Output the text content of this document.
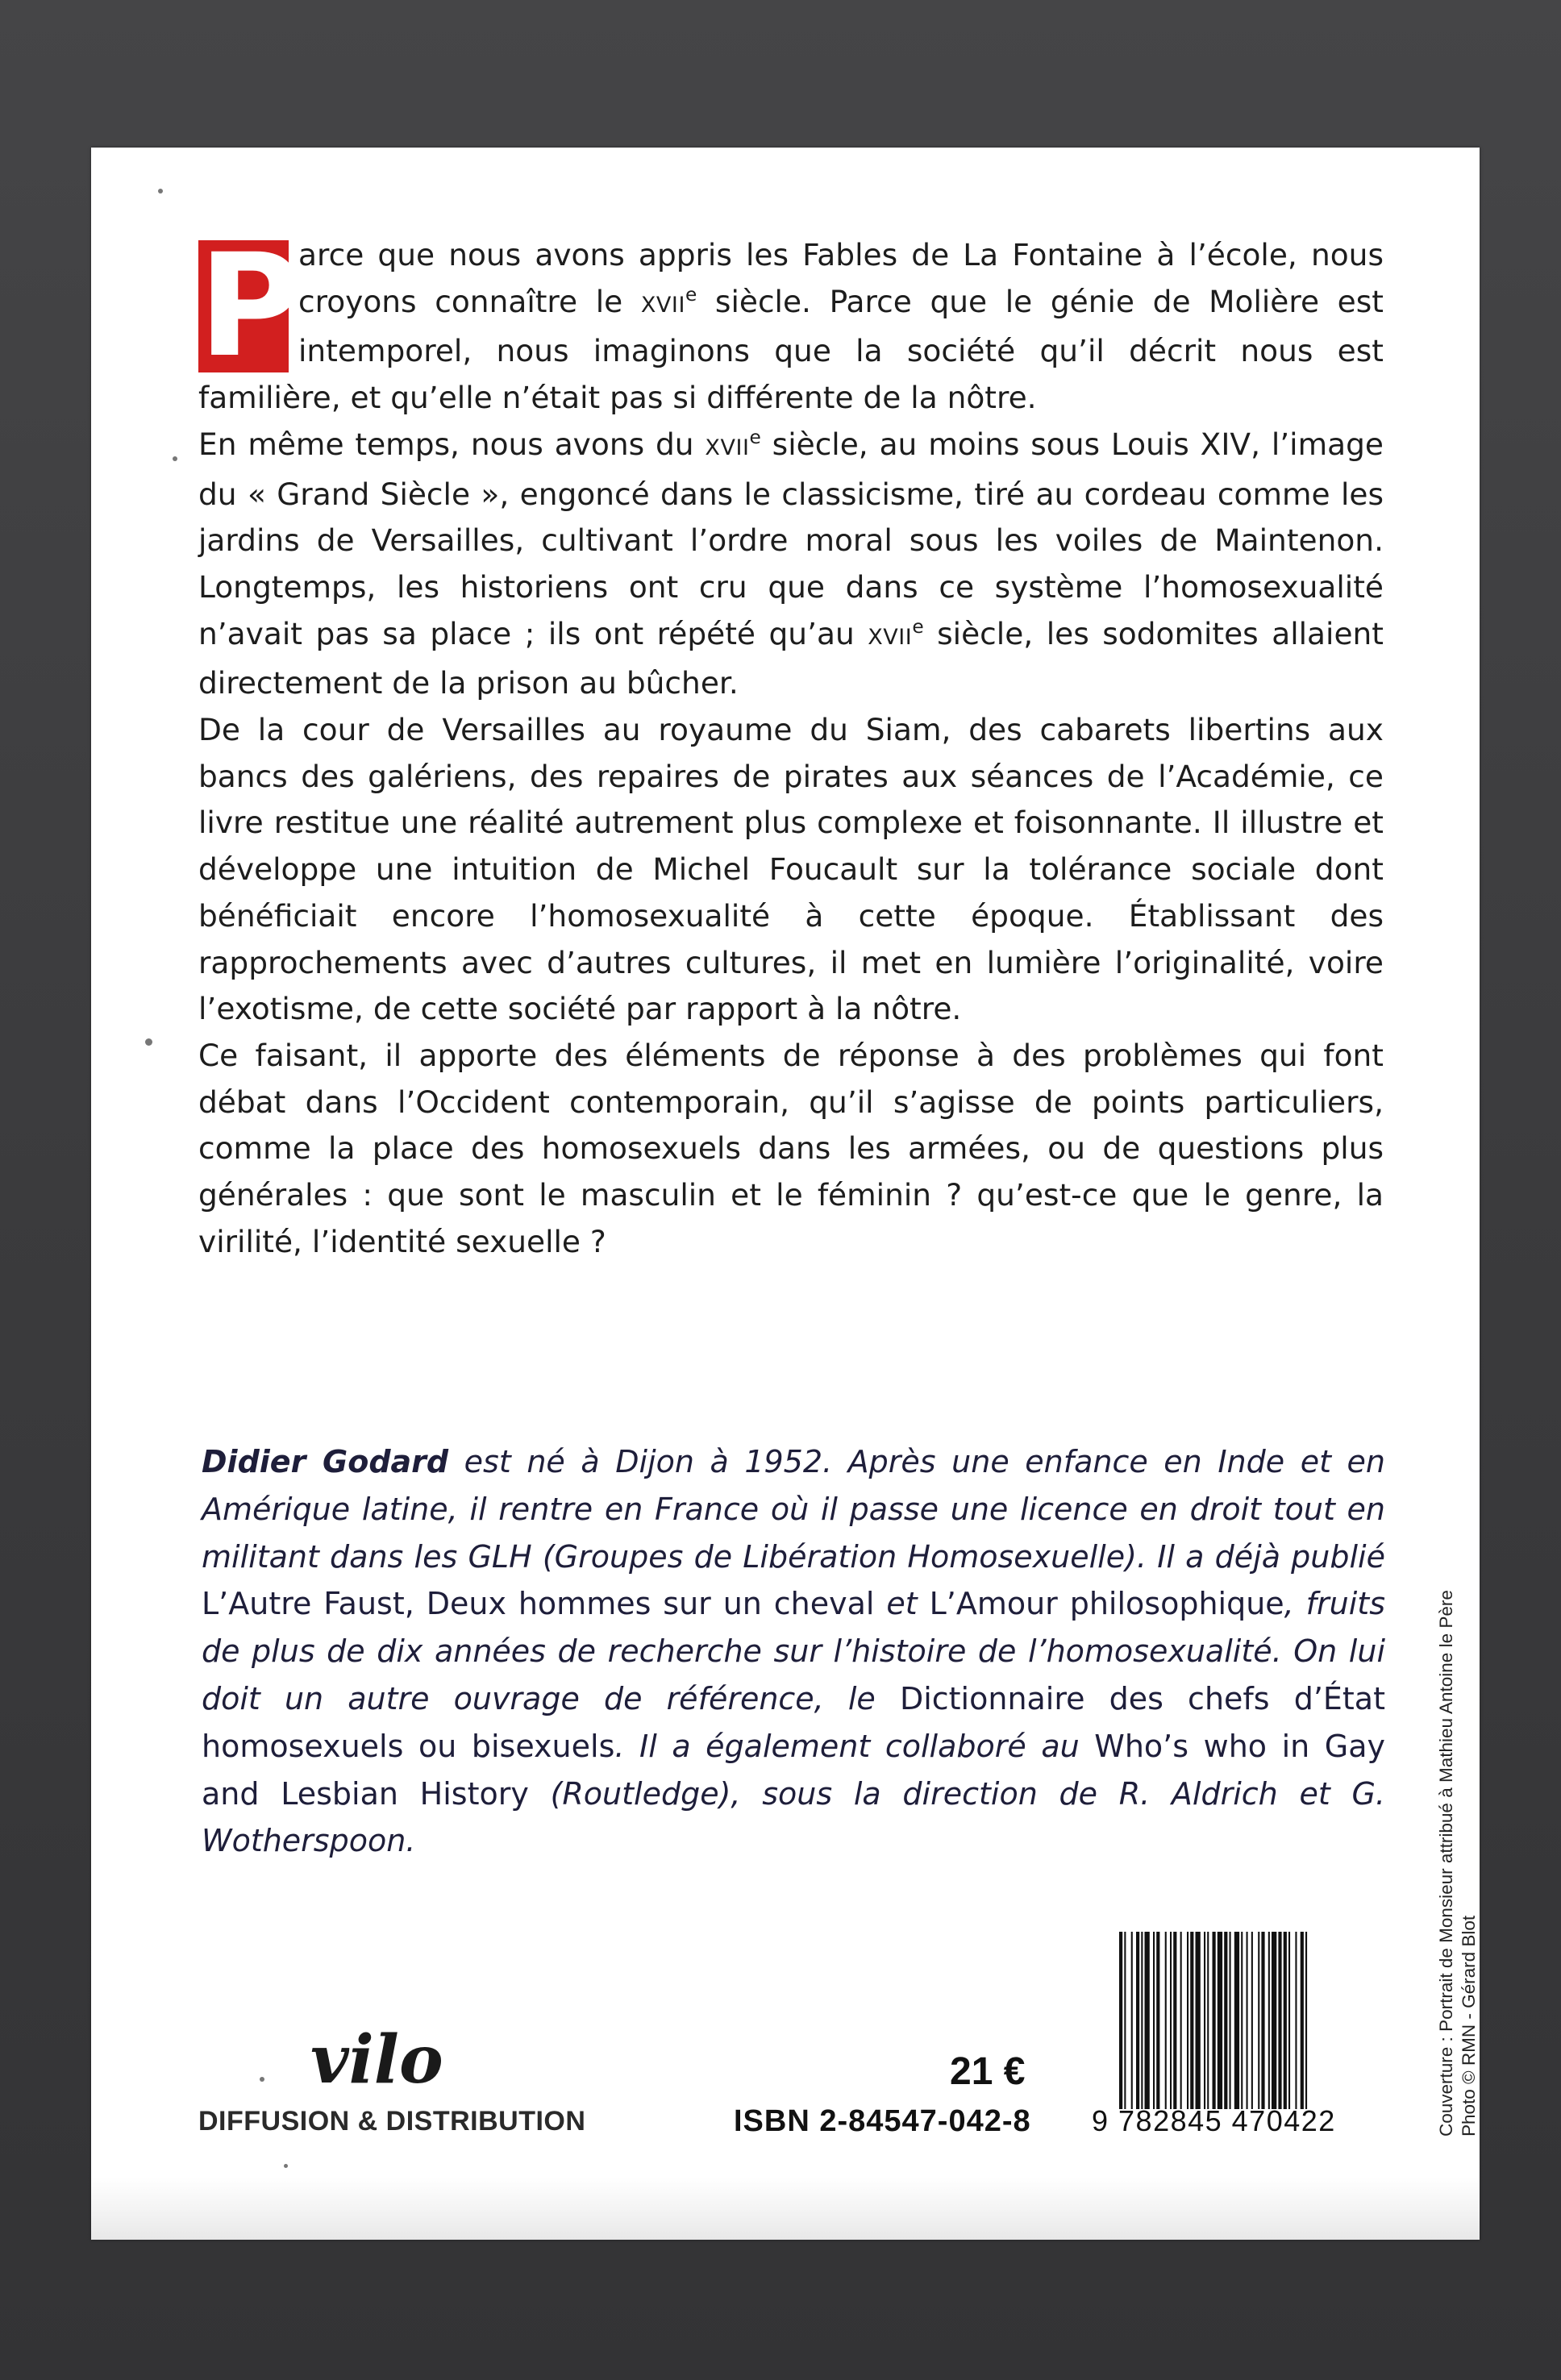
P
arce que nous avons appris les Fables de La Fontaine à l’école, nous croyons connaître le XVIIe siècle. Parce que le génie de Molière est intemporel, nous imaginons que la société qu’il décrit nous est familière, et qu’elle n’était pas si différente de la nôtre.

En même temps, nous avons du XVIIe siècle, au moins sous Louis XIV, l’image du « Grand Siècle », engoncé dans le classicisme, tiré au cordeau comme les jardins de Versailles, cultivant l’ordre moral sous les voiles de Maintenon. Longtemps, les historiens ont cru que dans ce système l’homosexualité n’avait pas sa place ; ils ont répété qu’au XVIIe siècle, les sodomites allaient directement de la prison au bûcher.

De la cour de Versailles au royaume du Siam, des cabarets libertins aux bancs des galériens, des repaires de pirates aux séances de l’Académie, ce livre restitue une réalité autrement plus complexe et foisonnante. Il illustre et développe une intuition de Michel Foucault sur la tolérance sociale dont bénéficiait encore l’homosexualité à cette époque. Établissant des rapprochements avec d’autres cultures, il met en lumière l’originalité, voire l’exotisme, de cette société par rapport à la nôtre.

Ce faisant, il apporte des éléments de réponse à des problèmes qui font débat dans l’Occident contemporain, qu’il s’agisse de points particuliers, comme la place des homosexuels dans les armées, ou de questions plus générales : que sont le masculin et le féminin ? qu’est-ce que le genre, la virilité, l’identité sexuelle ?

Didier Godard est né à Dijon à 1952. Après une enfance en Inde et en Amérique latine, il rentre en France où il passe une licence en droit tout en militant dans les GLH (Groupes de Libération Homosexuelle). Il a déjà publié L’Autre Faust, Deux hommes sur un cheval et L’Amour philosophique, fruits de plus de dix années de recherche sur l’histoire de l’homosexualité. On lui doit un autre ouvrage de référence, le Dictionnaire des chefs d’État homosexuels ou bisexuels. Il a également collaboré au Who’s who in Gay and Lesbian History (Routledge), sous la direction de R. Aldrich et G. Wotherspoon.

vilo
DIFFUSION & DISTRIBUTION
21 €
ISBN 2-84547-042-8 9 782845 470422	Couverture : Portrait de Monsieur attribué à Mathieu Antoine le Père Photo © RMN - Gérard Blot
